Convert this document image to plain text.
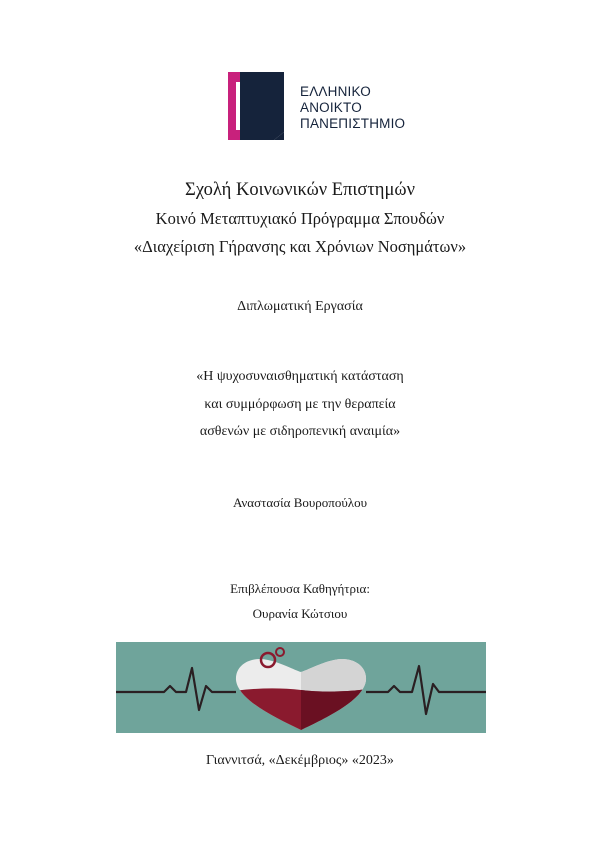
ΕΛΛΗΝΙΚΟ
ΑΝΟΙΚΤΟ
ΠΑΝΕΠΙΣΤΗΜΙΟ
Σχολή Κοινωνικών Επιστημών
Κοινό Μεταπτυχιακό Πρόγραμμα Σπουδών
«Διαχείριση Γήρανσης και Χρόνιων Νοσημάτων»
Διπλωματική Εργασία
«Η ψυχοσυναισθηματική κατάσταση
και συμμόρφωση με την θεραπεία
ασθενών με σιδηροπενική αναιμία»
Αναστασία Βουροπούλου
Επιβλέπουσα Καθηγήτρια:
Ουρανία Κώτσιου
Γιαννιτσά, «Δεκέμβριος» «2023»
